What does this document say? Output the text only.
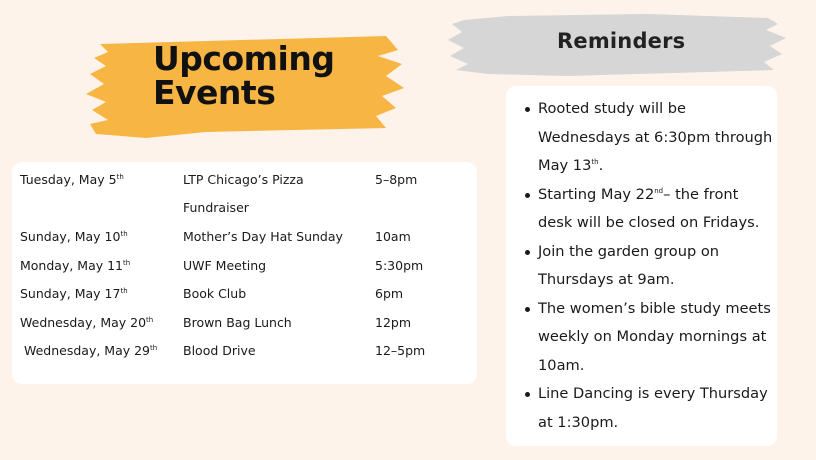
Upcoming
Events
Reminders
Tuesday, May 5th	LTP Chicago’s Pizza	5–8pm
Fundraiser
Sunday, May 10th	Mother’s Day Hat Sunday	10am
Monday, May 11th	UWF Meeting	5:30pm
Sunday, May 17th	Book Club	6pm
Wednesday, May 20th Brown Bag Lunch	12pm
Wednesday, May 29th Blood Drive	12–5pm
Rooted study will be Wednesdays at 6:30pm through May 13th.
Starting May 22nd– the front desk will be closed on Fridays.
Join the garden group on Thursdays at 9am.
The women’s bible study meets weekly on Monday mornings at 10am.
Line Dancing is every Thursday at 1:30pm.
